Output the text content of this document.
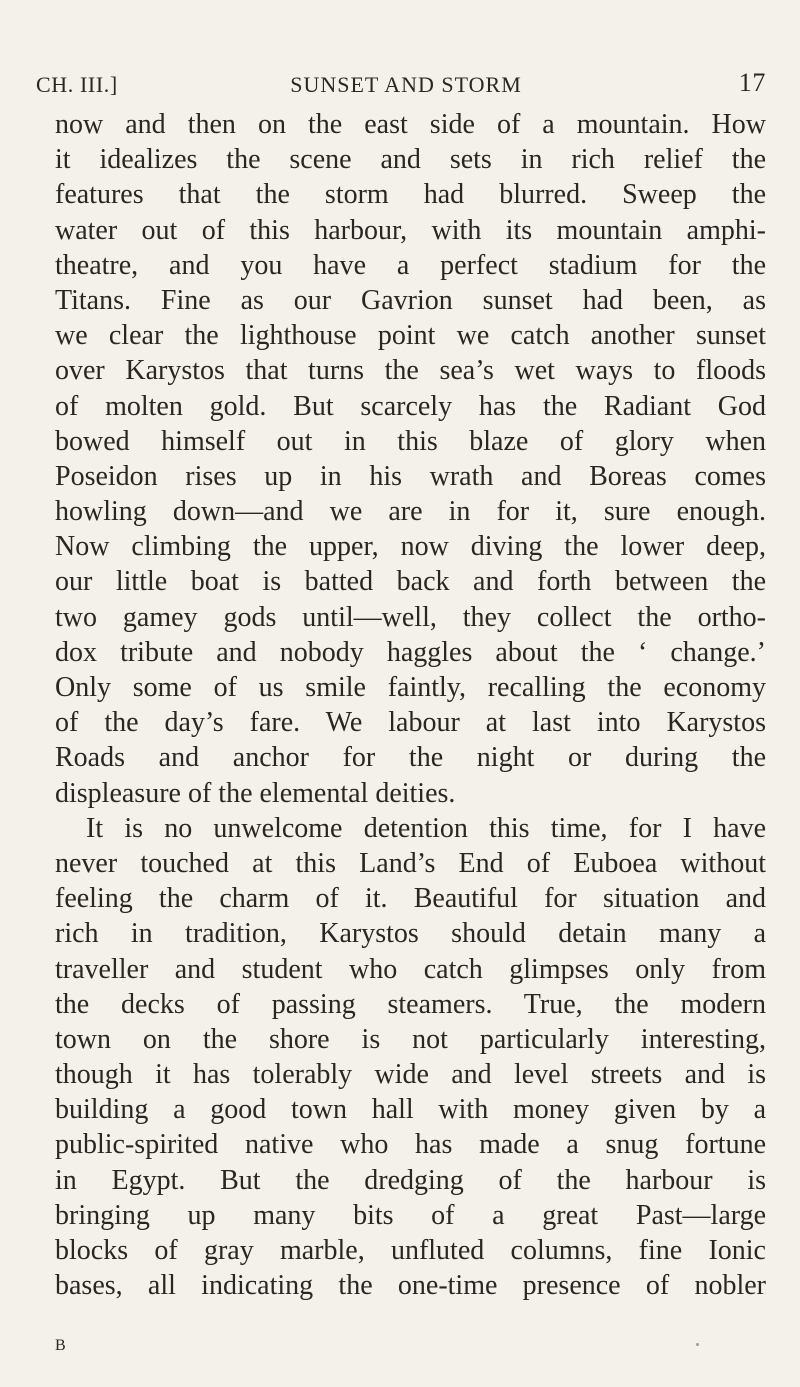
CH. III.]	SUNSET AND STORM	17
now and then on the east side of a mountain. How
it idealizes the scene and sets in rich relief the
features that the storm had blurred. Sweep the
water out of this harbour, with its mountain amphi-
theatre, and you have a perfect stadium for the
Titans. Fine as our Gavrion sunset had been, as
we clear the lighthouse point we catch another sunset
over Karystos that turns the sea’s wet ways to floods
of molten gold. But scarcely has the Radiant God
bowed himself out in this blaze of glory when
Poseidon rises up in his wrath and Boreas comes
howling down—and we are in for it, sure enough.
Now climbing the upper, now diving the lower deep,
our little boat is batted back and forth between the
two gamey gods until—well, they collect the ortho-
dox tribute and nobody haggles about the ‘ change.’
Only some of us smile faintly, recalling the economy
of the day’s fare. We labour at last into Karystos
Roads and anchor for the night or during the
displeasure of the elemental deities.
It is no unwelcome detention this time, for I have
never touched at this Land’s End of Euboea without
feeling the charm of it. Beautiful for situation and
rich in tradition, Karystos should detain many a
traveller and student who catch glimpses only from
the decks of passing steamers. True, the modern
town on the shore is not particularly interesting,
though it has tolerably wide and level streets and is
building a good town hall with money given by a
public-spirited native who has made a snug fortune
in Egypt. But the dredging of the harbour is
bringing up many bits of a great Past—large
blocks of gray marble, unfluted columns, fine Ionic
bases, all indicating the one-time presence of nobler
B
